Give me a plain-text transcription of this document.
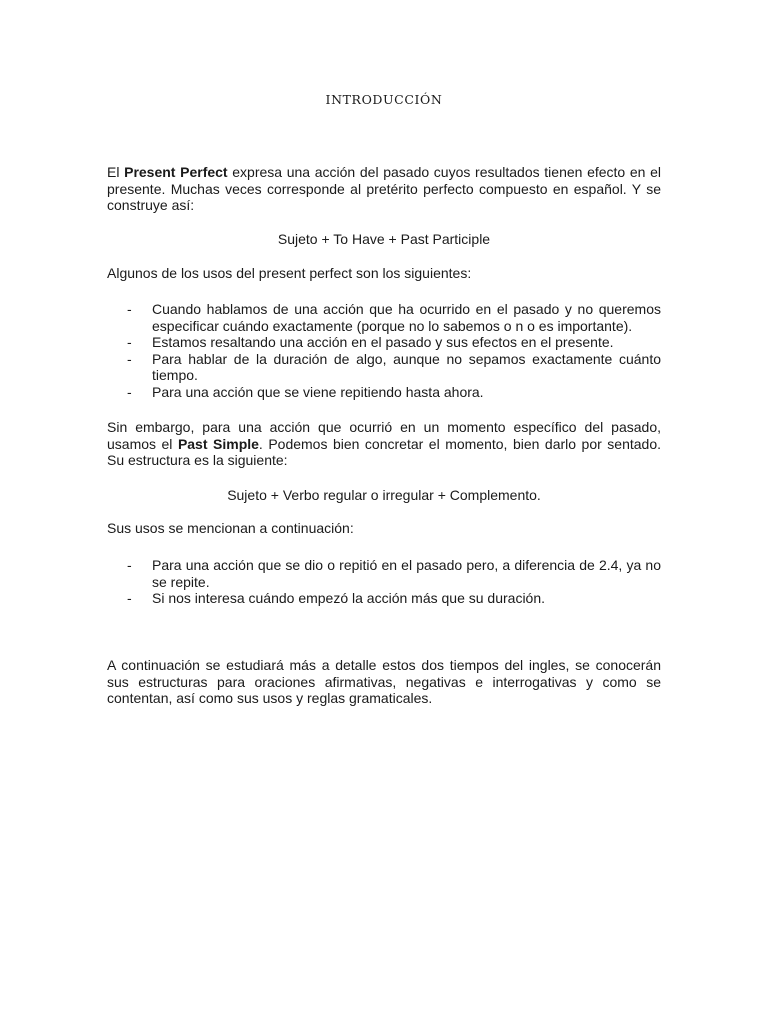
INTRODUCCIÓN

El Present Perfect expresa una acción del pasado cuyos resultados tienen efecto en el presente. Muchas veces corresponde al pretérito perfecto compuesto en español. Y se construye así:

Sujeto + To Have + Past Participle

Algunos de los usos del present perfect son los siguientes:

- Cuando hablamos de una acción que ha ocurrido en el pasado y no queremos especificar cuándo exactamente (porque no lo sabemos o n o es importante).
- Estamos resaltando una acción en el pasado y sus efectos en el presente.
- Para hablar de la duración de algo, aunque no sepamos exactamente cuánto tiempo.
- Para una acción que se viene repitiendo hasta ahora.

Sin embargo, para una acción que ocurrió en un momento específico del pasado, usamos el Past Simple. Podemos bien concretar el momento, bien darlo por sentado. Su estructura es la siguiente:

Sujeto + Verbo regular o irregular + Complemento.

Sus usos se mencionan a continuación:

- Para una acción que se dio o repitió en el pasado pero, a diferencia de 2.4, ya no se repite.
- Si nos interesa cuándo empezó la acción más que su duración.

A continuación se estudiará más a detalle estos dos tiempos del ingles, se conocerán sus estructuras para oraciones afirmativas, negativas e interrogativas y como se contentan, así como sus usos y reglas gramaticales.
